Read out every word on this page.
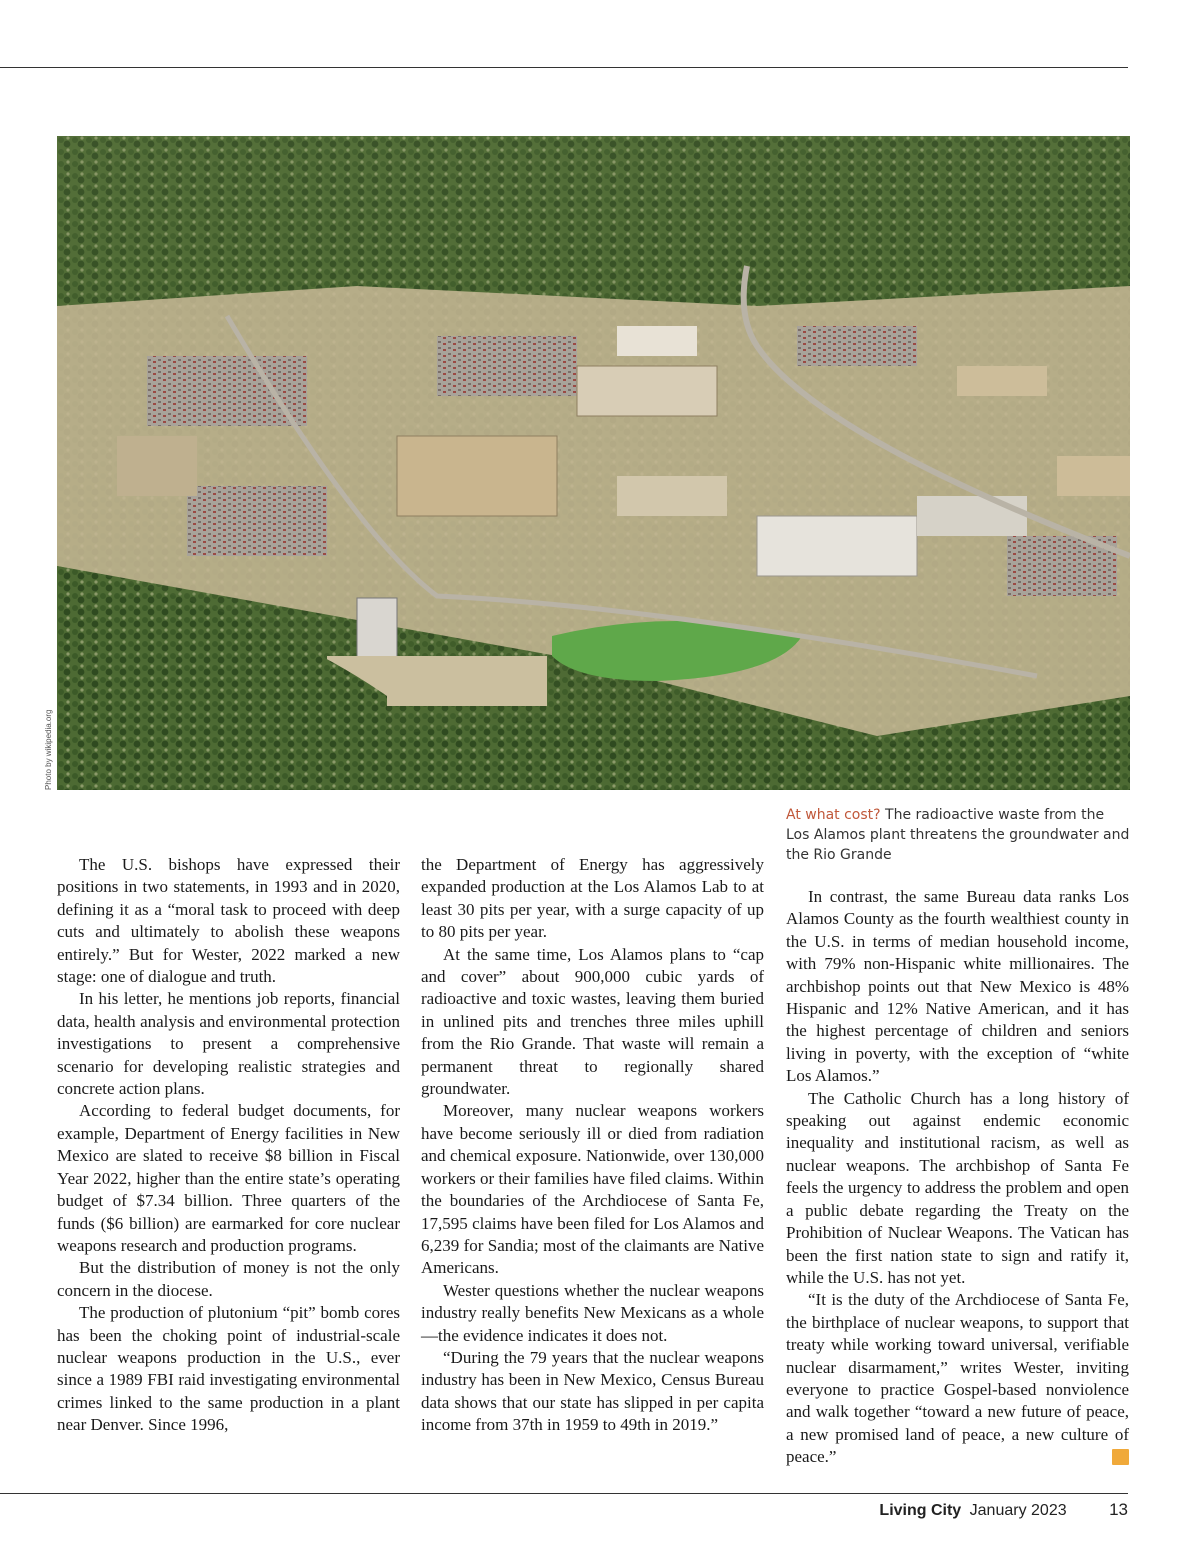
Photo by wikipedia.org
At what cost? The radioactive waste from the Los Alamos plant threatens the groundwater and the Rio Grande

The U.S. bishops have expressed their positions in two statements, in 1993 and in 2020, defining it as a “moral task to proceed with deep cuts and ultimately to abolish these weapons entirely.” But for Wester, 2022 marked a new stage: one of dialogue and truth.

In his letter, he mentions job reports, financial data, health analysis and environmental protection investigations to present a comprehensive scenario for developing realistic strategies and concrete action plans.

According to federal budget documents, for example, Department of Energy facilities in New Mexico are slated to receive $8 billion in Fiscal Year 2022, higher than the entire state’s operating budget of $7.34 billion. Three quarters of the funds ($6 billion) are earmarked for core nuclear weapons research and production programs.

But the distribution of money is not the only concern in the diocese.

The production of plutonium “pit” bomb cores has been the choking point of industrial-scale nuclear weapons production in the U.S., ever since a 1989 FBI raid investigating environmental crimes linked to the same production in a plant near Denver. Since 1996,

the Department of Energy has aggressively expanded production at the Los Alamos Lab to at least 30 pits per year, with a surge capacity of up to 80 pits per year.

At the same time, Los Alamos plans to “cap and cover” about 900,000 cubic yards of radioactive and toxic wastes, leaving them buried in unlined pits and trenches three miles uphill from the Rio Grande. That waste will remain a permanent threat to regionally shared groundwater.

Moreover, many nuclear weapons workers have become seriously ill or died from radiation and chemical exposure. Nationwide, over 130,000 workers or their families have filed claims. Within the boundaries of the Archdiocese of Santa Fe, 17,595 claims have been filed for Los Alamos and 6,239 for Sandia; most of the claimants are Native Americans.

Wester questions whether the nuclear weapons industry really benefits New Mexicans as a whole—the evidence indicates it does not.

“During the 79 years that the nuclear weapons industry has been in New Mexico, Census Bureau data shows that our state has slipped in per capita income from 37th in 1959 to 49th in 2019.”

In contrast, the same Bureau data ranks Los Alamos County as the fourth wealthiest county in the U.S. in terms of median household income, with 79% non-Hispanic white millionaires. The archbishop points out that New Mexico is 48% Hispanic and 12% Native American, and it has the highest percentage of children and seniors living in poverty, with the exception of “white Los Alamos.”

The Catholic Church has a long history of speaking out against endemic economic inequality and institutional racism, as well as nuclear weapons. The archbishop of Santa Fe feels the urgency to address the problem and open a public debate regarding the Treaty on the Prohibition of Nuclear Weapons. The Vatican has been the first nation state to sign and ratify it, while the U.S. has not yet.

“It is the duty of the Archdiocese of Santa Fe, the birthplace of nuclear weapons, to support that treaty while working toward universal, verifiable nuclear disarmament,” writes Wester, inviting everyone to practice Gospel-based nonviolence and walk together “toward a new future of peace, a new promised land of peace, a new culture of peace.”	LC

Living City January 2023 13
